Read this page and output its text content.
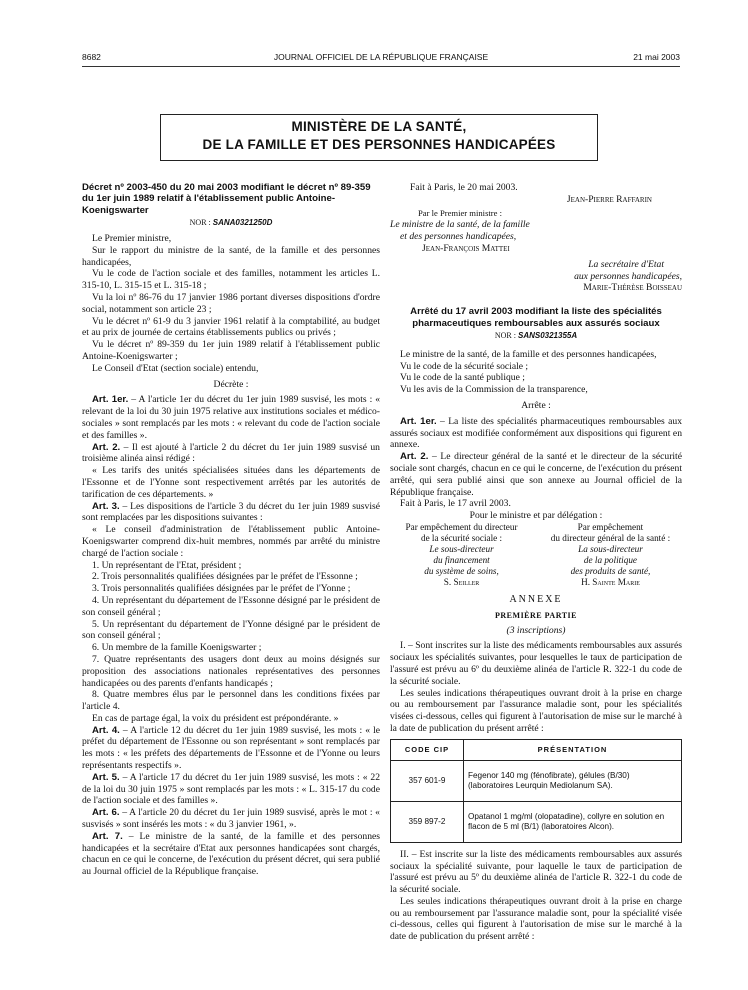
8682	JOURNAL OFFICIEL DE LA RÉPUBLIQUE FRANÇAISE	21 mai 2003
MINISTÈRE DE LA SANTÉ,
DE LA FAMILLE ET DES PERSONNES HANDICAPÉES

Décret nº 2003-450 du 20 mai 2003 modifiant le décret nº 89-359 du 1er juin 1989 relatif à l'établissement public Antoine-Koenigswarter

NOR : SANA0321250D

Le Premier ministre,

Sur le rapport du ministre de la santé, de la famille et des personnes handicapées,

Vu le code de l'action sociale et des familles, notamment les articles L. 315-10, L. 315-15 et L. 315-18 ;

Vu la loi nº 86-76 du 17 janvier 1986 portant diverses dispositions d'ordre social, notamment son article 23 ;

Vu le décret nº 61-9 du 3 janvier 1961 relatif à la comptabilité, au budget et au prix de journée de certains établissements publics ou privés ;

Vu le décret nº 89-359 du 1er juin 1989 relatif à l'établissement public Antoine-Koenigswarter ;

Le Conseil d'Etat (section sociale) entendu,

Décrète :

Art. 1er. – A l'article 1er du décret du 1er juin 1989 susvisé, les mots : « relevant de la loi du 30 juin 1975 relative aux institutions sociales et médico-sociales » sont remplacés par les mots : « relevant du code de l'action sociale et des familles ».

Art. 2. – Il est ajouté à l'article 2 du décret du 1er juin 1989 susvisé un troisième alinéa ainsi rédigé :

« Les tarifs des unités spécialisées situées dans les départements de l'Essonne et de l'Yonne sont respectivement arrêtés par les autorités de tarification de ces départements. »

Art. 3. – Les dispositions de l'article 3 du décret du 1er juin 1989 susvisé sont remplacées par les dispositions suivantes :

« Le conseil d'administration de l'établissement public Antoine-Koenigswarter comprend dix-huit membres, nommés par arrêté du ministre chargé de l'action sociale :

1. Un représentant de l'Etat, président ;

2. Trois personnalités qualifiées désignées par le préfet de l'Essonne ;

3. Trois personnalités qualifiées désignées par le préfet de l'Yonne ;

4. Un représentant du département de l'Essonne désigné par le président de son conseil général ;

5. Un représentant du département de l'Yonne désigné par le président de son conseil général ;

6. Un membre de la famille Koenigswarter ;

7. Quatre représentants des usagers dont deux au moins désignés sur proposition des associations nationales représentatives des personnes handicapées ou des parents d'enfants handicapés ;

8. Quatre membres élus par le personnel dans les conditions fixées par l'article 4.

En cas de partage égal, la voix du président est prépondérante. »

Art. 4. – A l'article 12 du décret du 1er juin 1989 susvisé, les mots : « le préfet du département de l'Essonne ou son représentant » sont remplacés par les mots : « les préfets des départements de l'Essonne et de l'Yonne ou leurs représentants respectifs ».

Art. 5. – A l'article 17 du décret du 1er juin 1989 susvisé, les mots : « 22 de la loi du 30 juin 1975 » sont remplacés par les mots : « L. 315-17 du code de l'action sociale et des familles ».

Art. 6. – A l'article 20 du décret du 1er juin 1989 susvisé, après le mot : « susvisés » sont insérés les mots : « du 3 janvier 1961, ».

Art. 7. – Le ministre de la santé, de la famille et des personnes handicapées et la secrétaire d'Etat aux personnes handicapées sont chargés, chacun en ce qui le concerne, de l'exécution du présent décret, qui sera publié au Journal officiel de la République française.

Fait à Paris, le 20 mai 2003.

Jean-Pierre Raffarin

Par le Premier ministre :

Le ministre de la santé, de la famille

et des personnes handicapées,

Jean-François Mattei

La secrétaire d'Etat

aux personnes handicapées,

Marie-Thérèse Boisseau

Arrêté du 17 avril 2003 modifiant la liste des spécialités pharmaceutiques remboursables aux assurés sociaux

NOR : SANS0321355A

Le ministre de la santé, de la famille et des personnes handicapées,

Vu le code de la sécurité sociale ;

Vu le code de la santé publique ;

Vu les avis de la Commission de la transparence,

Arrête :

Art. 1er. – La liste des spécialités pharmaceutiques remboursables aux assurés sociaux est modifiée conformément aux dispositions qui figurent en annexe.

Art. 2. – Le directeur général de la santé et le directeur de la sécurité sociale sont chargés, chacun en ce qui le concerne, de l'exécution du présent arrêté, qui sera publié ainsi que son annexe au Journal officiel de la République française.

Fait à Paris, le 17 avril 2003.

Pour le ministre et par délégation :

Par empêchement du directeur
de la sécurité sociale :
Le sous-directeur
du financement
du système de soins,
S. Seiller
Par empêchement
du directeur général de la santé :
La sous-directeur
de la politique
des produits de santé,
H. Sainte Marie
ANNEXE
PREMIÈRE PARTIE

(3 inscriptions)

I. – Sont inscrites sur la liste des médicaments remboursables aux assurés sociaux les spécialités suivantes, pour lesquelles le taux de participation de l'assuré est prévu au 6º du deuxième alinéa de l'article R. 322-1 du code de la sécurité sociale.

Les seules indications thérapeutiques ouvrant droit à la prise en charge ou au remboursement par l'assurance maladie sont, pour les spécialités visées ci-dessous, celles qui figurent à l'autorisation de mise sur le marché à la date de publication du présent arrêté :

CODE CIP	PRÉSENTATION
357 601-9	Fegenor 140 mg (fénofibrate), gélules (B/30) (laboratoires Leurquin Mediolanum SA).
359 897-2	Opatanol 1 mg/ml (olopatadine), collyre en solution en flacon de 5 ml (B/1) (laboratoires Alcon).

II. – Est inscrite sur la liste des médicaments remboursables aux assurés sociaux la spécialité suivante, pour laquelle le taux de participation de l'assuré est prévu au 5º du deuxième alinéa de l'article R. 322-1 du code de la sécurité sociale.

Les seules indications thérapeutiques ouvrant droit à la prise en charge ou au remboursement par l'assurance maladie sont, pour la spécialité visée ci-dessous, celles qui figurent à l'autorisation de mise sur le marché à la date de publication du présent arrêté :
